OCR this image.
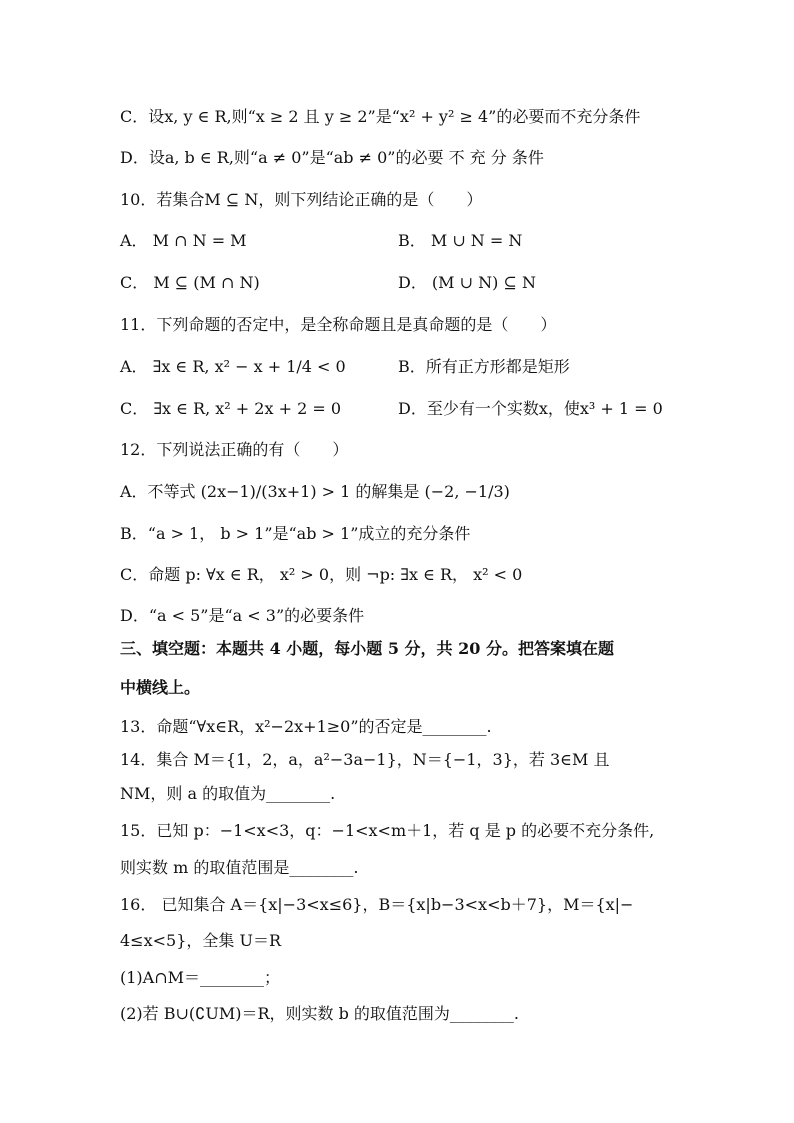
C．设x, y ∈ R,则“x ≥ 2 且 y ≥ 2”是“x² + y² ≥ 4”的必要而不充分条件
D．设a, b ∈ R,则“a ≠ 0”是“ab ≠ 0”的必要 不 充 分 条件
10．若集合M ⊆ N，则下列结论正确的是（　　）
A． M ∩ N = M	B． M ∪ N = N
C． M ⊆ (M ∩ N)	D． (M ∪ N) ⊆ N
11．下列命题的否定中，是全称命题且是真命题的是（　　）
A． ∃x ∈ R, x² − x + 1/4 < 0	B．所有正方形都是矩形
C． ∃x ∈ R, x² + 2x + 2 = 0	D．至少有一个实数x，使x³ + 1 = 0
12．下列说法正确的有（　　）
A．不等式 (2x−1)/(3x+1) > 1 的解集是 (−2, −1/3)
B．“a > 1， b > 1”是“ab > 1”成立的充分条件
C．命题 p: ∀x ∈ R， x² > 0，则 ¬p: ∃x ∈ R， x² < 0
D．“a < 5”是“a < 3”的必要条件
三、填空题：本题共 4 小题，每小题 5 分，共 20 分。把答案填在题
中横线上。
13．命题“∀x∈R，x²−2x+1≥0”的否定是________.
14．集合 M＝{1，2，a，a²−3a−1}，N＝{−1，3}，若 3∈M 且
NM，则 a 的取值为________.
15．已知 p：−1<x<3，q：−1<x<m＋1，若 q 是 p 的必要不充分条件,
则实数 m 的取值范围是________.
16． 已知集合 A＝{x|−3<x≤6}，B＝{x|b−3<x<b＋7}，M＝{x|−
4≤x<5}，全集 U＝R
(1)A∩M＝________；
(2)若 B∪(∁UM)＝R，则实数 b 的取值范围为________.
